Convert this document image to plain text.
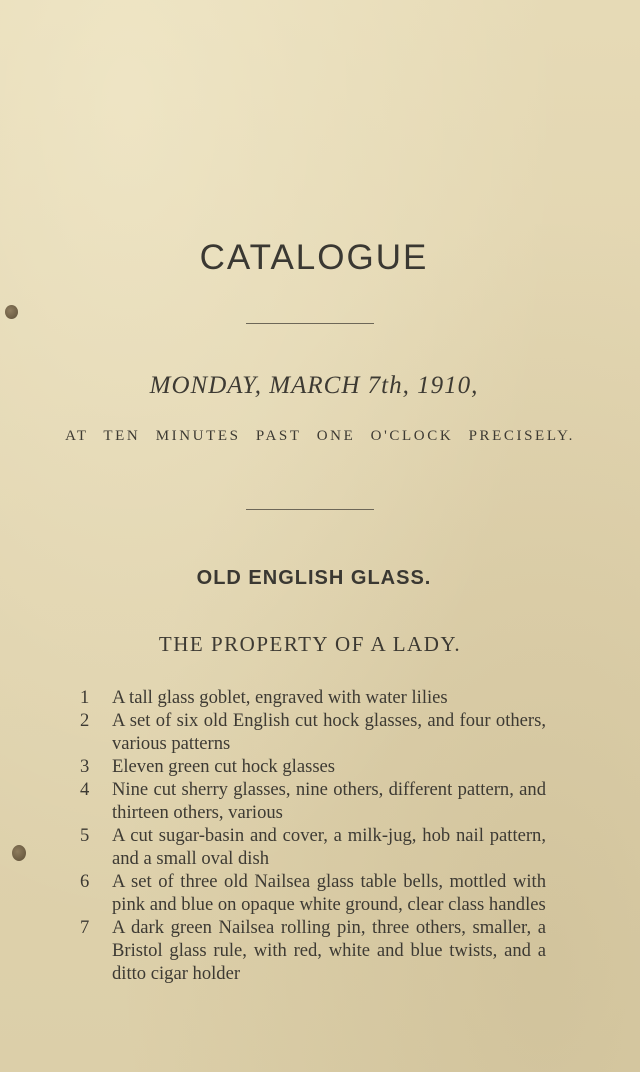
CATALOGUE
MONDAY, MARCH 7th, 1910,
AT TEN MINUTES PAST ONE O'CLOCK PRECISELY.
OLD ENGLISH GLASS.
THE PROPERTY OF A LADY.
1	A tall glass goblet, engraved with water lilies
2	A set of six old English cut hock glasses, and four others, various patterns
3	Eleven green cut hock glasses
4	Nine cut sherry glasses, nine others, different pattern, and thirteen others, various
5	A cut sugar-basin and cover, a milk-jug, hob nail pattern, and a small oval dish
6	A set of three old Nailsea glass table bells, mottled with pink and blue on opaque white ground, clear class handles
7	A dark green Nailsea rolling pin, three others, smaller, a Bristol glass rule, with red, white and blue twists, and a ditto cigar holder
